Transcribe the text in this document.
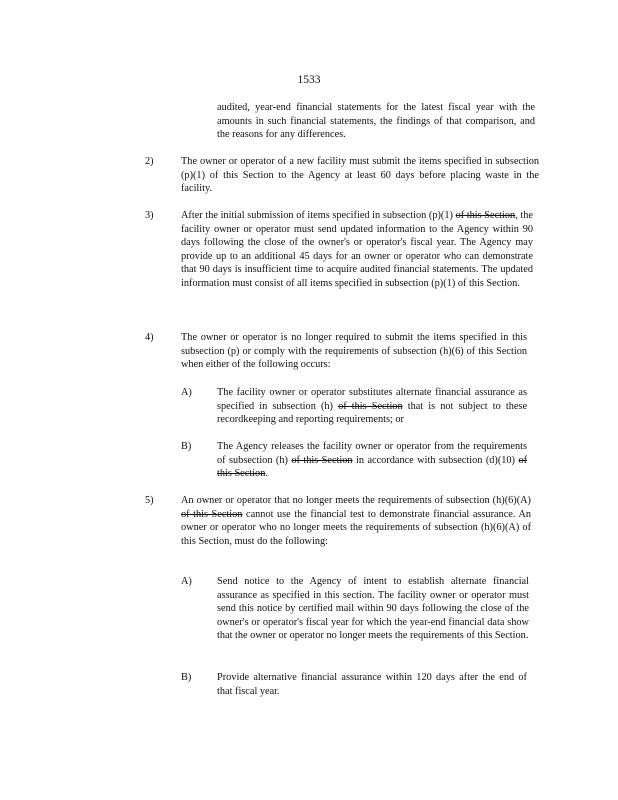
1533
audited, year-end financial statements for the latest fiscal year with the amounts in such financial statements, the findings of that comparison, and the reasons for any differences.
2)	The owner or operator of a new facility must submit the items specified in subsection (p)(1) of this Section to the Agency at least 60 days before placing waste in the facility.
3)	After the initial submission of items specified in subsection (p)(1) of this Section, the facility owner or operator must send updated information to the Agency within 90 days following the close of the owner's or operator's fiscal year. The Agency may provide up to an additional 45 days for an owner or operator who can demonstrate that 90 days is insufficient time to acquire audited financial statements. The updated information must consist of all items specified in subsection (p)(1) of this Section.
4)	The owner or operator is no longer required to submit the items specified in this subsection (p) or comply with the requirements of subsection (h)(6) of this Section when either of the following occurs:
A) The facility owner or operator substitutes alternate financial assurance as specified in subsection (h) of this Section that is not subject to these recordkeeping and reporting requirements; or
B) The Agency releases the facility owner or operator from the requirements of subsection (h) of this Section in accordance with subsection (d)(10) of this Section.
5)	An owner or operator that no longer meets the requirements of subsection (h)(6)(A) of this Section cannot use the financial test to demonstrate financial assurance. An owner or operator who no longer meets the requirements of subsection (h)(6)(A) of this Section, must do the following:
A) Send notice to the Agency of intent to establish alternate financial assurance as specified in this section. The facility owner or operator must send this notice by certified mail within 90 days following the close of the owner's or operator's fiscal year for which the year-end financial data show that the owner or operator no longer meets the requirements of this Section.
B) Provide alternative financial assurance within 120 days after the end of that fiscal year.
